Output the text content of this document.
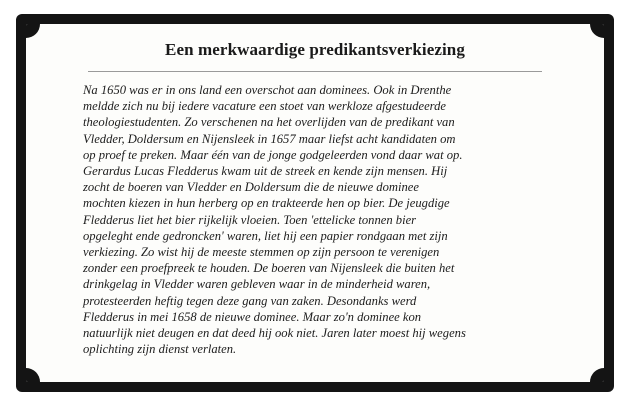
Een merkwaardige predikantsverkiezing
Na 1650 was er in ons land een overschot aan dominees. Ook in Drenthe
meldde zich nu bij iedere vacature een stoet van werkloze afgestudeerde
theologiestudenten. Zo verschenen na het overlijden van de predikant van
Vledder, Doldersum en Nijensleek in 1657 maar liefst acht kandidaten om
op proef te preken. Maar één van de jonge godgeleerden vond daar wat op.
Gerardus Lucas Fledderus kwam uit de streek en kende zijn mensen. Hij
zocht de boeren van Vledder en Doldersum die de nieuwe dominee
mochten kiezen in hun herberg op en trakteerde hen op bier. De jeugdige
Fledderus liet het bier rijkelijk vloeien. Toen 'ettelicke tonnen bier
opgeleght ende gedroncken' waren, liet hij een papier rondgaan met zijn
verkiezing. Zo wist hij de meeste stemmen op zijn persoon te verenigen
zonder een proefpreek te houden. De boeren van Nijensleek die buiten het
drinkgelag in Vledder waren gebleven waar in de minderheid waren,
protesteerden heftig tegen deze gang van zaken. Desondanks werd
Fledderus in mei 1658 de nieuwe dominee. Maar zo'n dominee kon
natuurlijk niet deugen en dat deed hij ook niet. Jaren later moest hij wegens
oplichting zijn dienst verlaten.
